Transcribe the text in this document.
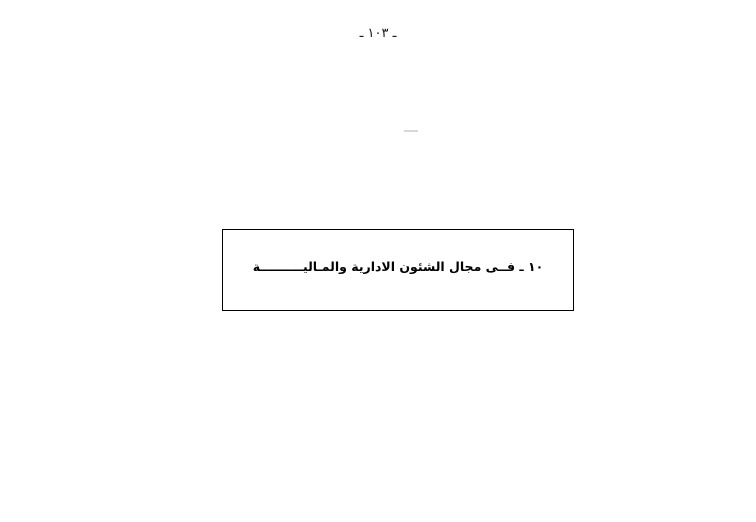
ـ ١٠٣ ـ
١٠ ـ فــى مجال الشئون الادارية والمـاليــــــــــة
